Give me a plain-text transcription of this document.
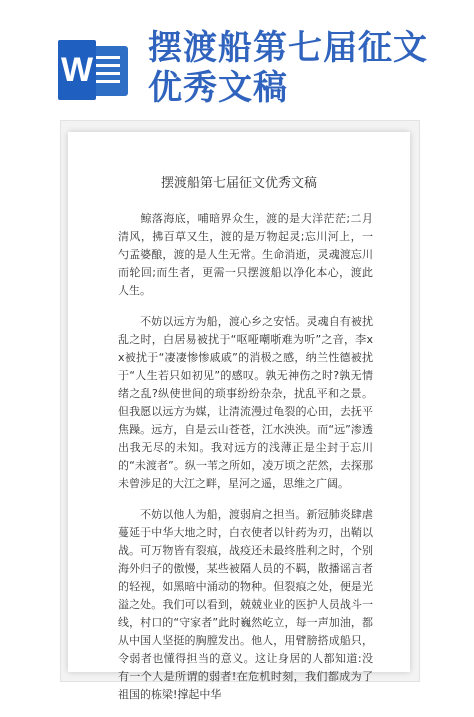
W
摆渡船第七届征文
优秀文稿
摆渡船第七届征文优秀文稿

鲸落海底，哺暗界众生，渡的是大洋茫茫;二月清风，拂百草又生，渡的是万物起灵;忘川河上，一勺孟婆酿，渡的是人生无常。生命消逝，灵魂渡忘川而轮回;而生者，更需一只摆渡船以净化本心，渡此人生。

不妨以远方为船，渡心乡之安恬。灵魂自有被扰乱之时，白居易被扰于“呕哑嘲哳难为听”之音，李xx被扰于“凄凄惨惨戚戚”的消极之感，纳兰性德被扰于“人生若只如初见”的感叹。孰无神伤之时?孰无情绪之乱?纵使世间的琐事纷纷杂杂，扰乱平和之景。但我愿以远方为媒，让清流漫过龟裂的心田，去抚平焦躁。远方，自是云山苍苍，江水泱泱。而“远”渗透出我无尽的未知。我对远方的浅薄正是尘封于忘川的“未渡者”。纵一苇之所如，凌万顷之茫然，去探那未曾涉足的大江之畔，星河之遥，思维之广阔。

不妨以他人为船，渡弱肩之担当。新冠肺炎肆虐蔓延于中华大地之时，白衣使者以针药为刃，出鞘以战。可万物皆有裂痕，战疫还未最终胜利之时，个别海外归子的傲慢，某些被隔人员的不羁，散播谣言者的轻视，如黑暗中涌动的物种。但裂痕之处，便是光溢之处。我们可以看到，兢兢业业的医护人员战斗一线，村口的“守家者”此时巍然屹立，每一声加油，都从中国人坚挺的胸膛发出。他人，用臂膀搭成船只，令弱者也懂得担当的意义。这让身居的人都知道:没有一个人是所谓的弱者!在危机时刻，我们都成为了祖国的栋梁!撑起中华
